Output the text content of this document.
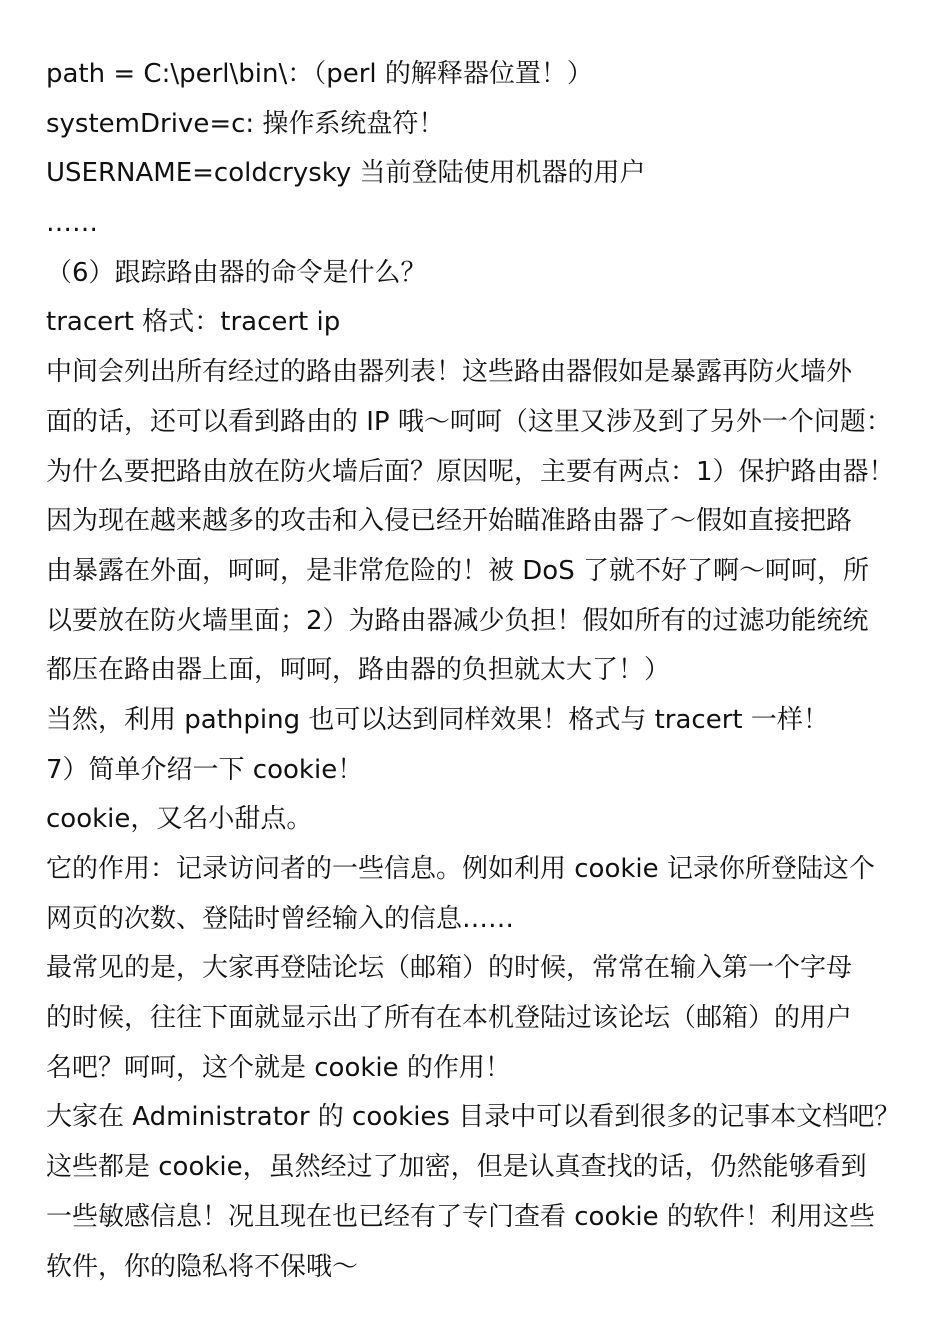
path = C:\perl\bin\：（perl 的解释器位置！）
systemDrive=c: 操作系统盘符！
USERNAME=coldcrysky 当前登陆使用机器的用户
……
（6）跟踪路由器的命令是什么？
tracert 格式：tracert ip
中间会列出所有经过的路由器列表！这些路由器假如是暴露再防火墙外
面的话，还可以看到路由的 IP 哦～呵呵（这里又涉及到了另外一个问题：
为什么要把路由放在防火墙后面？原因呢，主要有两点：1）保护路由器！
因为现在越来越多的攻击和入侵已经开始瞄准路由器了～假如直接把路
由暴露在外面，呵呵，是非常危险的！被 DoS 了就不好了啊～呵呵，所
以要放在防火墙里面；2）为路由器减少负担！假如所有的过滤功能统统
都压在路由器上面，呵呵，路由器的负担就太大了！）
当然，利用 pathping 也可以达到同样效果！格式与 tracert 一样！
7）简单介绍一下 cookie！
cookie，又名小甜点。
它的作用：记录访问者的一些信息。例如利用 cookie 记录你所登陆这个
网页的次数、登陆时曾经输入的信息……
最常见的是，大家再登陆论坛（邮箱）的时候，常常在输入第一个字母
的时候，往往下面就显示出了所有在本机登陆过该论坛（邮箱）的用户
名吧？呵呵，这个就是 cookie 的作用！
大家在 Administrator 的 cookies 目录中可以看到很多的记事本文档吧？
这些都是 cookie，虽然经过了加密，但是认真查找的话，仍然能够看到
一些敏感信息！况且现在也已经有了专门查看 cookie 的软件！利用这些
软件，你的隐私将不保哦～
